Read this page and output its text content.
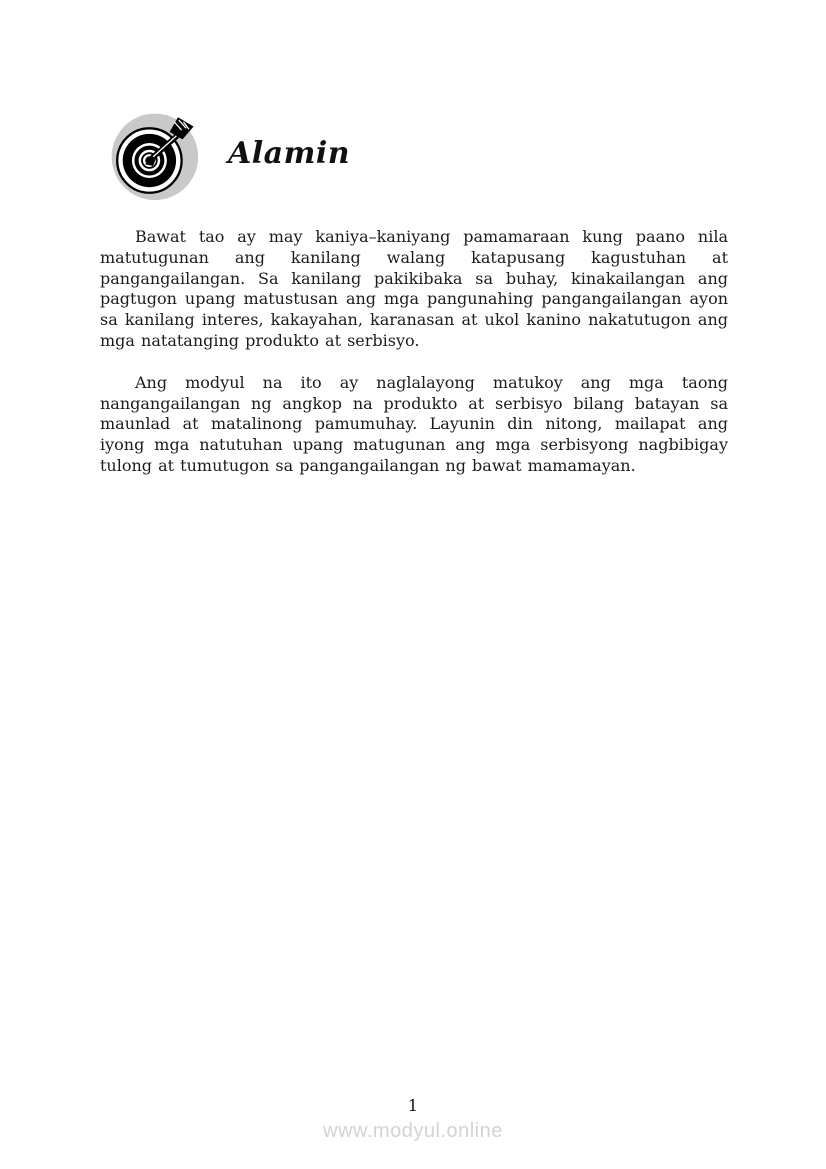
Alamin

Bawat tao ay may kaniya–kaniyang pamamaraan kung paano nila matutugunan ang kanilang walang katapusang kagustuhan at pangangailangan. Sa kanilang pakikibaka sa buhay, kinakailangan ang pagtugon upang matustusan ang mga pangunahing pangangailangan ayon sa kanilang interes, kakayahan, karanasan at ukol kanino nakatutugon ang mga natatanging produkto at serbisyo.

Ang modyul na ito ay naglalayong matukoy ang mga taong nangangailangan ng angkop na produkto at serbisyo bilang batayan sa maunlad at matalinong pamumuhay. Layunin din nitong, mailapat ang iyong mga natutuhan upang matugunan ang mga serbisyong nagbibigay tulong at tumutugon sa pangangailangan ng bawat mamamayan.

1
www.modyul.online
